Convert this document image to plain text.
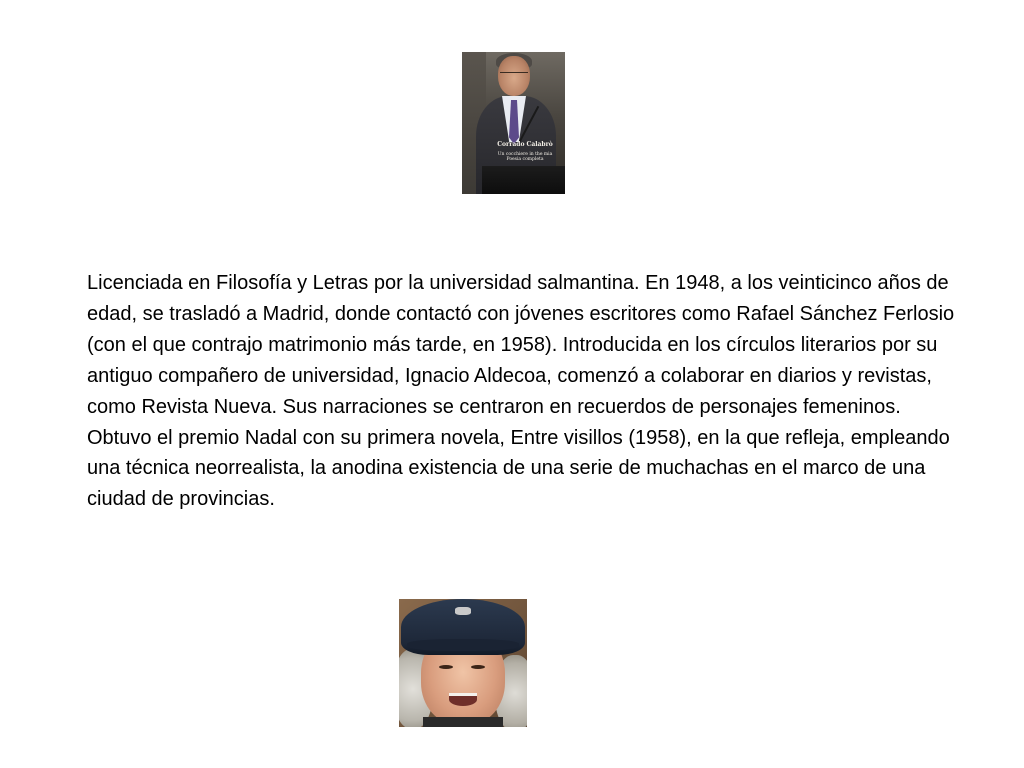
Corrado Calabrò
Un cocchiere in the mia
Poesia completa

Licenciada en Filosofía y Letras por la universidad salmantina. En 1948, a los veinticinco años de edad, se trasladó a Madrid, donde contactó con jóvenes escritores como Rafael Sánchez Ferlosio (con el que contrajo matrimonio más tarde, en 1958). Introducida en los círculos literarios por su antiguo compañero de universidad, Ignacio Aldecoa, comenzó a colaborar en diarios y revistas, como Revista Nueva. Sus narraciones se centraron en recuerdos de personajes femeninos. Obtuvo el premio Nadal con su primera novela, Entre visillos (1958), en la que refleja, empleando una técnica neorrealista, la anodina existencia de una serie de muchachas en el marco de una ciudad de provincias.
